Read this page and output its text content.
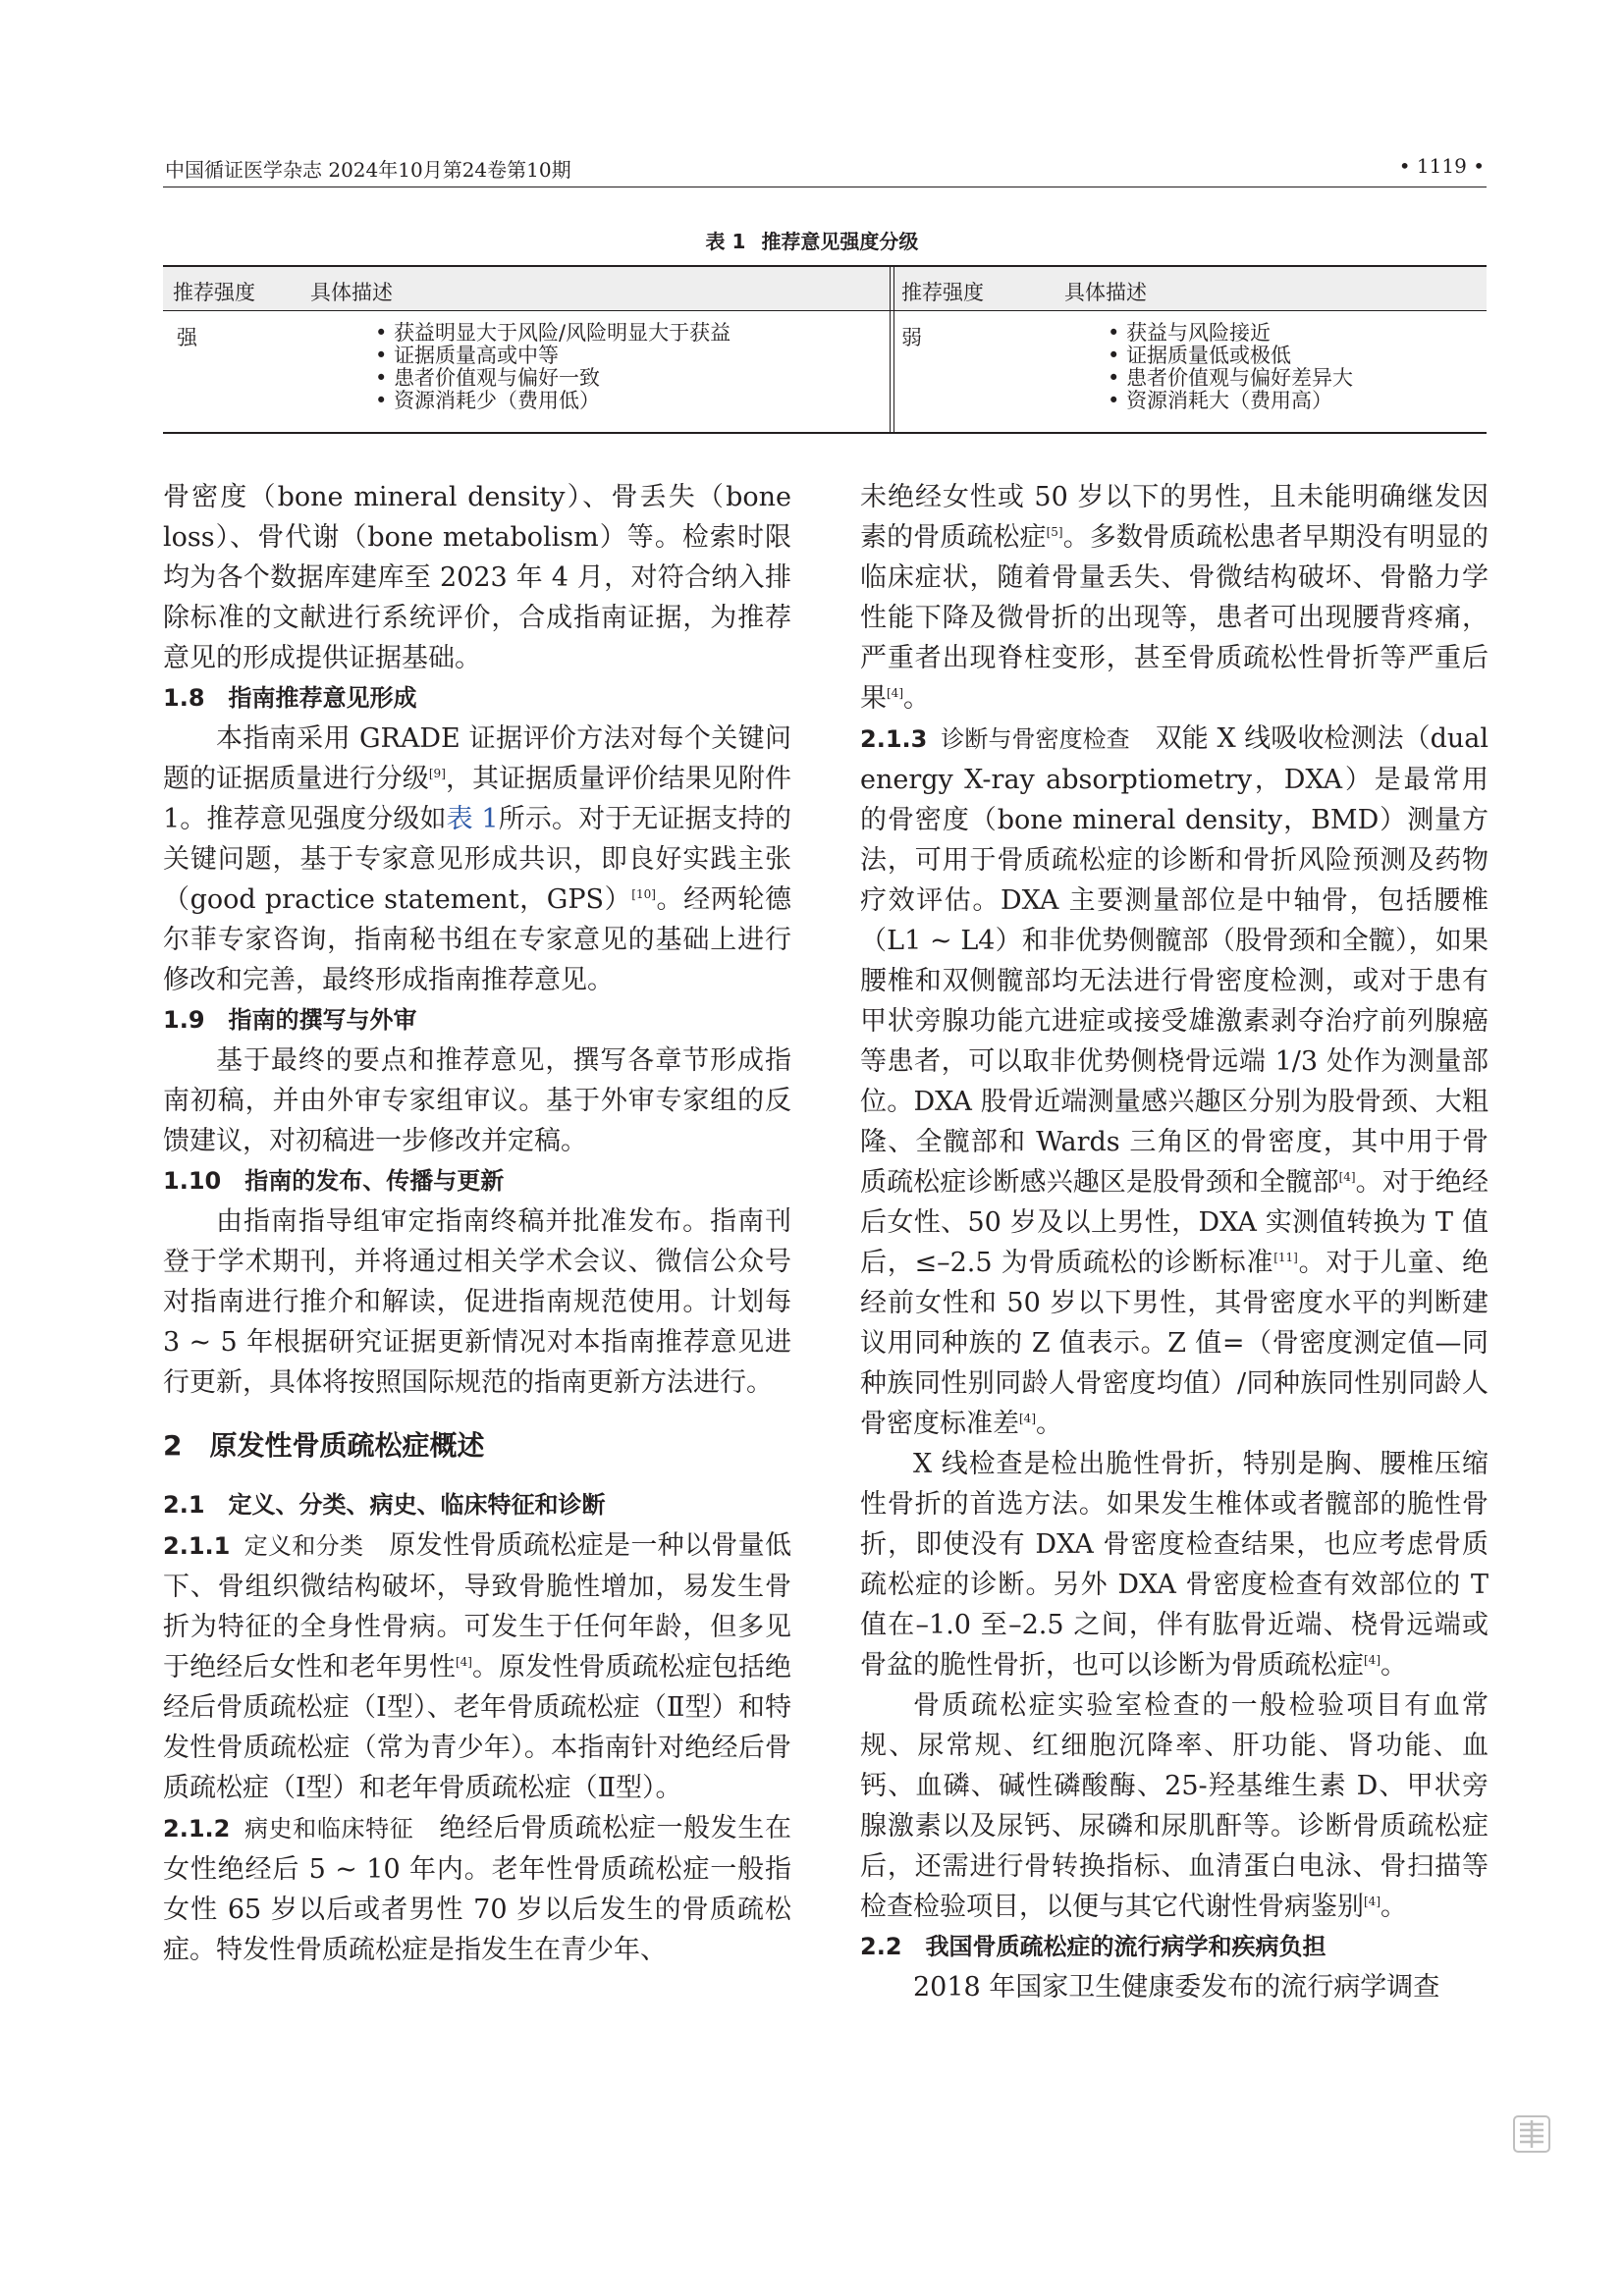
中国循证医学杂志 2024年10月第24卷第10期	• 1119 •
表 1 推荐意见强度分级
推荐强度	具体描述	推荐强度	具体描述
强	• 获益明显大于风险/风险明显大于获益
• 证据质量高或中等
• 患者价值观与偏好一致
• 资源消耗少（费用低）
弱	• 获益与风险接近
• 证据质量低或极低
• 患者价值观与偏好差异大
• 资源消耗大（费用高）

骨密度（bone mineral density）、骨丢失（bone loss）、骨代谢（bone metabolism）等。检索时限均为各个数据库建库至 2023 年 4 月，对符合纳入排除标准的文献进行系统评价，合成指南证据，为推荐意见的形成提供证据基础。

1.8　指南推荐意见形成

本指南采用 GRADE 证据评价方法对每个关键问题的证据质量进行分级[9]，其证据质量评价结果见附件 1。推荐意见强度分级如表 1所示。对于无证据支持的关键问题，基于专家意见形成共识，即良好实践主张（good practice statement，GPS）[10]。经两轮德尔菲专家咨询，指南秘书组在专家意见的基础上进行修改和完善，最终形成指南推荐意见。

1.9　指南的撰写与外审

基于最终的要点和推荐意见，撰写各章节形成指南初稿，并由外审专家组审议。基于外审专家组的反馈建议，对初稿进一步修改并定稿。

1.10　指南的发布、传播与更新

由指南指导组审定指南终稿并批准发布。指南刊登于学术期刊，并将通过相关学术会议、微信公众号对指南进行推介和解读，促进指南规范使用。计划每 3 ~ 5 年根据研究证据更新情况对本指南推荐意见进行更新，具体将按照国际规范的指南更新方法进行。

2　原发性骨质疏松症概述
2.1　定义、分类、病史、临床特征和诊断

2.1.1 定义和分类 原发性骨质疏松症是一种以骨量低下、骨组织微结构破坏，导致骨脆性增加，易发生骨折为特征的全身性骨病。可发生于任何年龄，但多见于绝经后女性和老年男性[4]。原发性骨质疏松症包括绝经后骨质疏松症（Ⅰ型）、老年骨质疏松症（Ⅱ型）和特发性骨质疏松症（常为青少年）。本指南针对绝经后骨质疏松症（Ⅰ型）和老年骨质疏松症（Ⅱ型）。

2.1.2 病史和临床特征 绝经后骨质疏松症一般发生在女性绝经后 5 ~ 10 年内。老年性骨质疏松症一般指女性 65 岁以后或者男性 70 岁以后发生的骨质疏松症。特发性骨质疏松症是指发生在青少年、

未绝经女性或 50 岁以下的男性，且未能明确继发因素的骨质疏松症[5]。多数骨质疏松患者早期没有明显的临床症状，随着骨量丢失、骨微结构破坏、骨骼力学性能下降及微骨折的出现等，患者可出现腰背疼痛，严重者出现脊柱变形，甚至骨质疏松性骨折等严重后果[4]。

2.1.3 诊断与骨密度检查 双能 X 线吸收检测法（dual energy X-ray absorptiometry，DXA）是最常用的骨密度（bone mineral density，BMD）测量方法，可用于骨质疏松症的诊断和骨折风险预测及药物疗效评估。DXA 主要测量部位是中轴骨，包括腰椎（L1 ~ L4）和非优势侧髋部（股骨颈和全髋），如果腰椎和双侧髋部均无法进行骨密度检测，或对于患有甲状旁腺功能亢进症或接受雄激素剥夺治疗前列腺癌等患者，可以取非优势侧桡骨远端 1/3 处作为测量部位。DXA 股骨近端测量感兴趣区分别为股骨颈、大粗隆、全髋部和 Wards 三角区的骨密度，其中用于骨质疏松症诊断感兴趣区是股骨颈和全髋部[4]。对于绝经后女性、50 岁及以上男性，DXA 实测值转换为 T 值后，≤–2.5 为骨质疏松的诊断标准[11]。对于儿童、绝经前女性和 50 岁以下男性，其骨密度水平的判断建议用同种族的 Z 值表示。Z 值=（骨密度测定值—同种族同性别同龄人骨密度均值）/同种族同性别同龄人骨密度标准差[4]。

X 线检查是检出脆性骨折，特别是胸、腰椎压缩性骨折的首选方法。如果发生椎体或者髋部的脆性骨折，即使没有 DXA 骨密度检查结果，也应考虑骨质疏松症的诊断。另外 DXA 骨密度检查有效部位的 T 值在–1.0 至–2.5 之间，伴有肱骨近端、桡骨远端或骨盆的脆性骨折，也可以诊断为骨质疏松症[4]。

骨质疏松症实验室检查的一般检验项目有血常规、尿常规、红细胞沉降率、肝功能、肾功能、血钙、血磷、碱性磷酸酶、25-羟基维生素 D、甲状旁腺激素以及尿钙、尿磷和尿肌酐等。诊断骨质疏松症后，还需进行骨转换指标、血清蛋白电泳、骨扫描等检查检验项目，以便与其它代谢性骨病鉴别[4]。

2.2　我国骨质疏松症的流行病学和疾病负担

2018 年国家卫生健康委发布的流行病学调查
